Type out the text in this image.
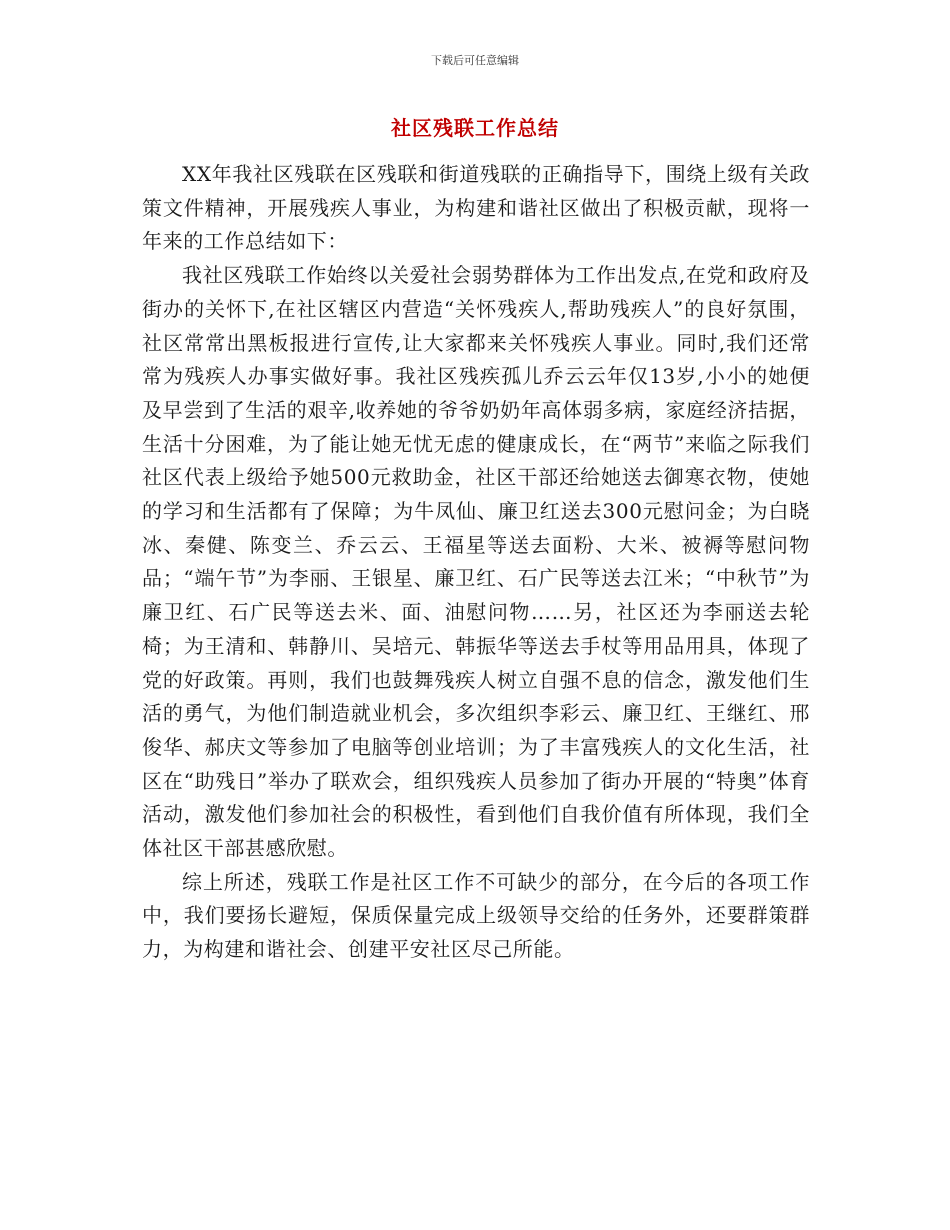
下载后可任意编辑
社区残联工作总结

XX年我社区残联在区残联和街道残联的正确指导下，围绕上级有关政策文件精神，开展残疾人事业，为构建和谐社区做出了积极贡献，现将一年来的工作总结如下：

我社区残联工作始终以关爱社会弱势群体为工作出发点,在党和政府及街办的关怀下,在社区辖区内营造“关怀残疾人,帮助残疾人”的良好氛围，社区常常出黑板报进行宣传,让大家都来关怀残疾人事业。同时,我们还常常为残疾人办事实做好事。我社区残疾孤儿乔云云年仅13岁,小小的她便及早尝到了生活的艰辛,收养她的爷爷奶奶年高体弱多病，家庭经济拮据，生活十分困难，为了能让她无忧无虑的健康成长，在“两节”来临之际我们社区代表上级给予她500元救助金，社区干部还给她送去御寒衣物，使她的学习和生活都有了保障；为牛凤仙、廉卫红送去300元慰问金；为白晓冰、秦健、陈变兰、乔云云、王福星等送去面粉、大米、被褥等慰问物品；“端午节”为李丽、王银星、廉卫红、石广民等送去江米；“中秋节”为廉卫红、石广民等送去米、面、油慰问物……另，社区还为李丽送去轮椅；为王清和、韩静川、吴培元、韩振华等送去手杖等用品用具，体现了党的好政策。再则，我们也鼓舞残疾人树立自强不息的信念，激发他们生活的勇气，为他们制造就业机会，多次组织李彩云、廉卫红、王继红、邢俊华、郝庆文等参加了电脑等创业培训；为了丰富残疾人的文化生活，社区在“助残日”举办了联欢会，组织残疾人员参加了街办开展的“特奥”体育活动，激发他们参加社会的积极性，看到他们自我价值有所体现，我们全体社区干部甚感欣慰。

综上所述，残联工作是社区工作不可缺少的部分，在今后的各项工作中，我们要扬长避短，保质保量完成上级领导交给的任务外，还要群策群力，为构建和谐社会、创建平安社区尽己所能。
